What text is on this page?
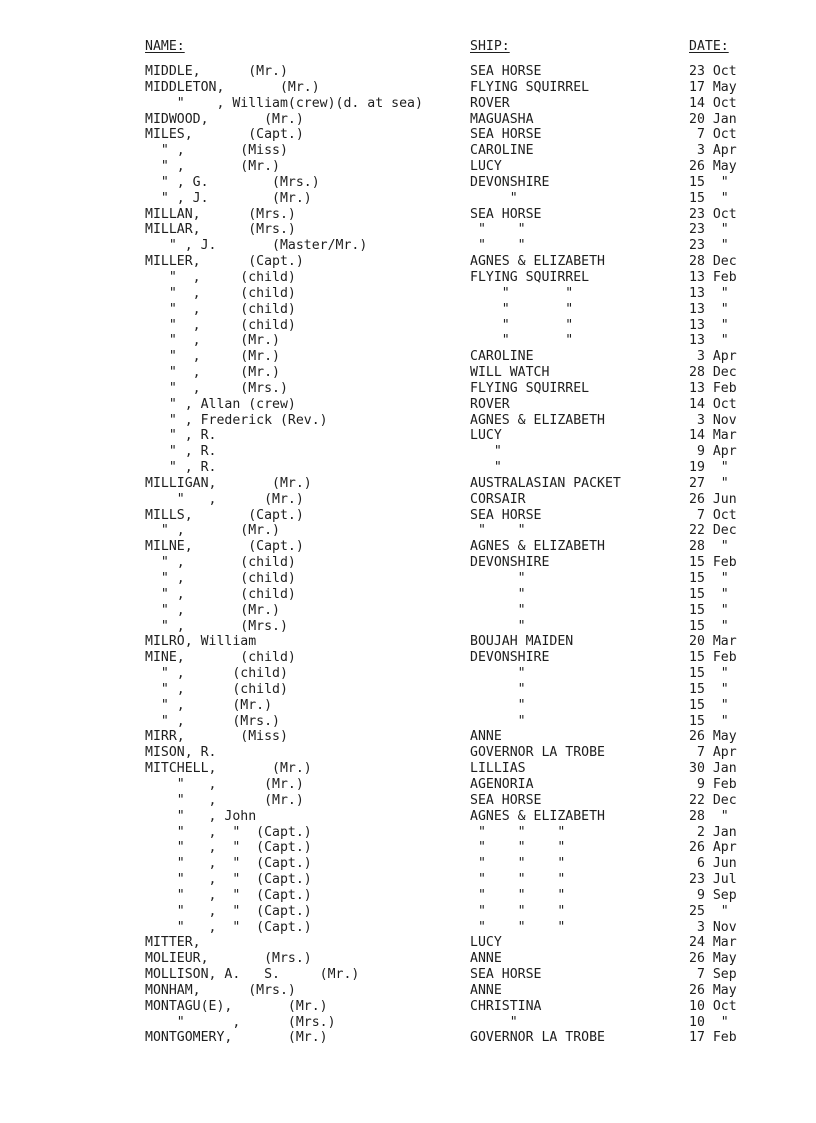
NAME:	SHIP:	DATE:
MIDDLE,      (Mr.)	SEA HORSE	23 Oct
MIDDLETON,       (Mr.)	FLYING SQUIRREL	17 May
"    , William(crew)(d. at sea)	ROVER	14 Oct
MIDWOOD,       (Mr.)	MAGUASHA	20 Jan
MILES,       (Capt.)	SEA HORSE	7 Oct
" ,       (Miss)	CAROLINE	3 Apr
" ,       (Mr.)	LUCY	26 May
" , G.        (Mrs.)	DEVONSHIRE	15  "
" , J.        (Mr.)	"	15  "
MILLAN,      (Mrs.)	SEA HORSE	23 Oct
MILLAR,      (Mrs.)	"    "	23  "
" , J.       (Master/Mr.)	"    "	23  "
MILLER,      (Capt.)	AGNES & ELIZABETH	28 Dec
"  ,     (child)	FLYING SQUIRREL	13 Feb
"  ,     (child)	"       "	13  "
"  ,     (child)	"       "	13  "
"  ,     (child)	"       "	13  "
"  ,     (Mr.)	"       "	13  "
"  ,     (Mr.)	CAROLINE	3 Apr
"  ,     (Mr.)	WILL WATCH	28 Dec
"  ,     (Mrs.)	FLYING SQUIRREL	13 Feb
" , Allan (crew)	ROVER	14 Oct
" , Frederick (Rev.)	AGNES & ELIZABETH	3 Nov
" , R.	LUCY	14 Mar
" , R.	"	9 Apr
" , R.	"	19  "
MILLIGAN,       (Mr.)	AUSTRALASIAN PACKET	27  "
"   ,      (Mr.)	CORSAIR	26 Jun
MILLS,       (Capt.)	SEA HORSE	7 Oct
" ,       (Mr.)	"    "	22 Dec
MILNE,       (Capt.)	AGNES & ELIZABETH	28  "
" ,       (child)	DEVONSHIRE	15 Feb
" ,       (child)	"	15  "
" ,       (child)	"	15  "
" ,       (Mr.)	"	15  "
" ,       (Mrs.)	"	15  "
MILRO, William	BOUJAH MAIDEN	20 Mar
MINE,       (child)	DEVONSHIRE	15 Feb
" ,      (child)	"	15  "
" ,      (child)	"	15  "
" ,      (Mr.)	"	15  "
" ,      (Mrs.)	"	15  "
MIRR,       (Miss)	ANNE	26 May
MISON, R.	GOVERNOR LA TROBE	7 Apr
MITCHELL,       (Mr.)	LILLIAS	30 Jan
"   ,      (Mr.)	AGENORIA	9 Feb
"   ,      (Mr.)	SEA HORSE	22 Dec
"   , John	AGNES & ELIZABETH	28  "
"   ,  "  (Capt.)	"    "    "	2 Jan
"   ,  "  (Capt.)	"    "    "	26 Apr
"   ,  "  (Capt.)	"    "    "	6 Jun
"   ,  "  (Capt.)	"    "    "	23 Jul
"   ,  "  (Capt.)	"    "    "	9 Sep
"   ,  "  (Capt.)	"    "    "	25  "
"   ,  "  (Capt.)	"    "    "	3 Nov
MITTER,	LUCY	24 Mar
MOLIEUR,       (Mrs.)	ANNE	26 May
MOLLISON, A.   S.     (Mr.)	SEA HORSE	7 Sep
MONHAM,      (Mrs.)	ANNE	26 May
MONTAGU(E),       (Mr.)	CHRISTINA	10 Oct
"      ,      (Mrs.)	"	10  "
MONTGOMERY,       (Mr.)	GOVERNOR LA TROBE	17 Feb
